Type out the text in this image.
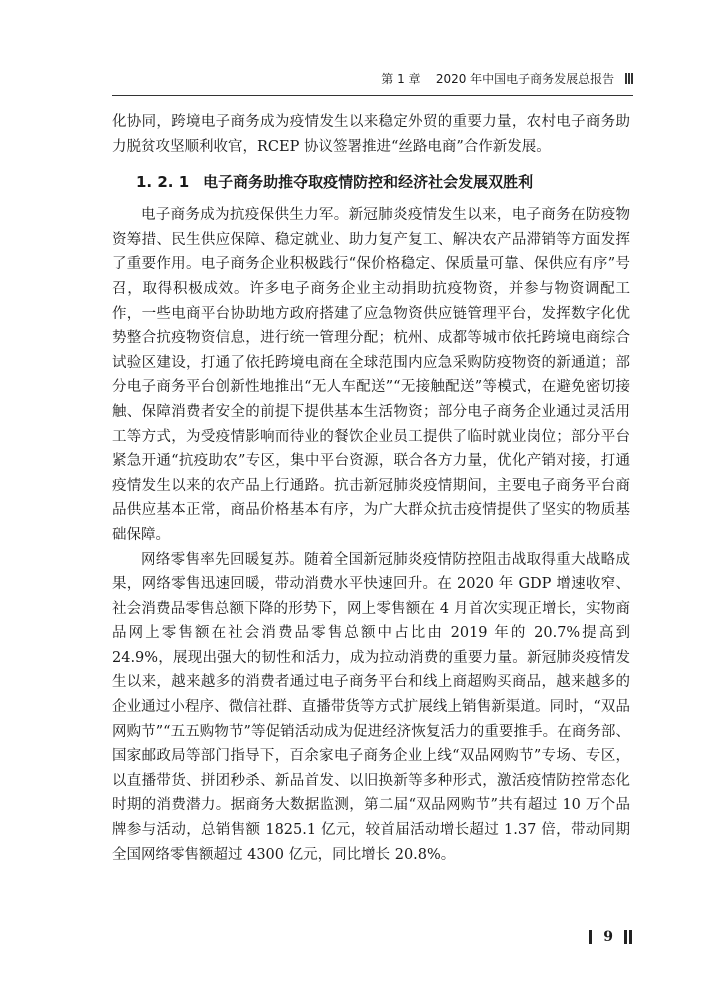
第 1 章 2020 年中国电子商务发展总报告

化协同，跨境电子商务成为疫情发生以来稳定外贸的重要力量，农村电子商务助力脱贫攻坚顺利收官，RCEP 协议签署推进“丝路电商”合作新发展。

1. 2. 1 电子商务助推夺取疫情防控和经济社会发展双胜利

电子商务成为抗疫保供生力军。新冠肺炎疫情发生以来，电子商务在防疫物资筹措、民生供应保障、稳定就业、助力复产复工、解决农产品滞销等方面发挥了重要作用。电子商务企业积极践行“保价格稳定、保质量可靠、保供应有序”号召，取得积极成效。许多电子商务企业主动捐助抗疫物资，并参与物资调配工作，一些电商平台协助地方政府搭建了应急物资供应链管理平台，发挥数字化优势整合抗疫物资信息，进行统一管理分配；杭州、成都等城市依托跨境电商综合试验区建设，打通了依托跨境电商在全球范围内应急采购防疫物资的新通道；部分电子商务平台创新性地推出“无人车配送”“无接触配送”等模式，在避免密切接触、保障消费者安全的前提下提供基本生活物资；部分电子商务企业通过灵活用工等方式，为受疫情影响而待业的餐饮企业员工提供了临时就业岗位；部分平台紧急开通“抗疫助农”专区，集中平台资源，联合各方力量，优化产销对接，打通疫情发生以来的农产品上行通路。抗击新冠肺炎疫情期间，主要电子商务平台商品供应基本正常，商品价格基本有序，为广大群众抗击疫情提供了坚实的物质基础保障。

网络零售率先回暖复苏。随着全国新冠肺炎疫情防控阻击战取得重大战略成果，网络零售迅速回暖，带动消费水平快速回升。在 2020 年 GDP 增速收窄、社会消费品零售总额下降的形势下，网上零售额在 4 月首次实现正增长，实物商品网上零售额在社会消费品零售总额中占比由 2019 年的 20.7%提高到 24.9%，展现出强大的韧性和活力，成为拉动消费的重要力量。新冠肺炎疫情发生以来，越来越多的消费者通过电子商务平台和线上商超购买商品，越来越多的企业通过小程序、微信社群、直播带货等方式扩展线上销售新渠道。同时，“双品网购节”“五五购物节”等促销活动成为促进经济恢复活力的重要推手。在商务部、国家邮政局等部门指导下，百余家电子商务企业上线“双品网购节”专场、专区，以直播带货、拼团秒杀、新品首发、以旧换新等多种形式，激活疫情防控常态化时期的消费潜力。据商务大数据监测，第二届“双品网购节”共有超过 10 万个品牌参与活动，总销售额 1825.1 亿元，较首届活动增长超过 1.37 倍，带动同期全国网络零售额超过 4300 亿元，同比增长 20.8%。

9
